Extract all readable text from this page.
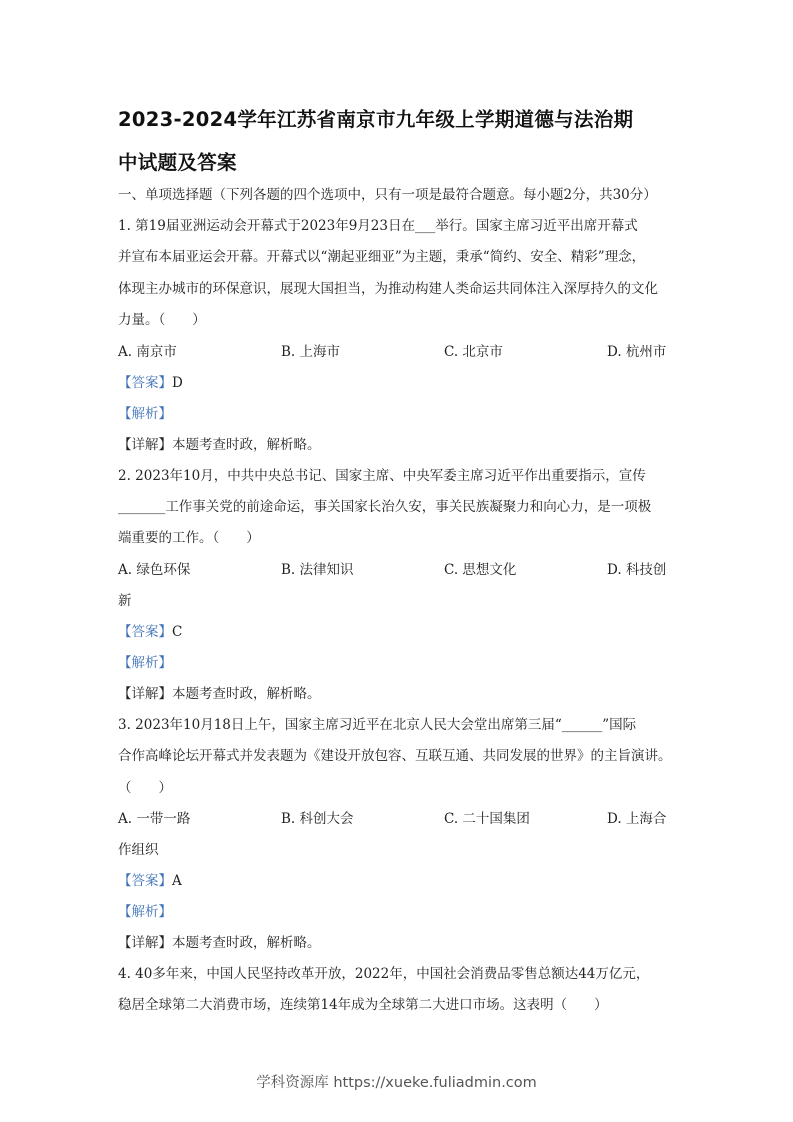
2023-2024学年江苏省南京市九年级上学期道德与法治期
中试题及答案
一、单项选择题（下列各题的四个选项中，只有一项是最符合题意。每小题2分，共30分）
1. 第19届亚洲运动会开幕式于2023年9月23日在___举行。国家主席习近平出席开幕式
并宣布本届亚运会开幕。开幕式以“潮起亚细亚”为主题，秉承“简约、安全、精彩”理念，
体现主办城市的环保意识，展现大国担当，为推动构建人类命运共同体注入深厚持久的文化
力量。（　　）
A. 南京市	B. 上海市	C. 北京市	D. 杭州市
【答案】D
【解析】
【详解】本题考查时政，解析略。
2. 2023年10月，中共中央总书记、国家主席、中央军委主席习近平作出重要指示，宣传
_______工作事关党的前途命运，事关国家长治久安，事关民族凝聚力和向心力，是一项极
端重要的工作。（　　）
A. 绿色环保	B. 法律知识	C. 思想文化	D. 科技创
新
【答案】C
【解析】
【详解】本题考查时政，解析略。
3. 2023年10月18日上午，国家主席习近平在北京人民大会堂出席第三届“______”国际
合作高峰论坛开幕式并发表题为《建设开放包容、互联互通、共同发展的世界》的主旨演讲。
（　　）
A. 一带一路	B. 科创大会	C. 二十国集团	D. 上海合
作组织
【答案】A
【解析】
【详解】本题考查时政，解析略。
4. 40多年来，中国人民坚持改革开放，2022年，中国社会消费品零售总额达44万亿元，
稳居全球第二大消费市场，连续第14年成为全球第二大进口市场。这表明（　　）
学科资源库 https://xueke.fuliadmin.com
